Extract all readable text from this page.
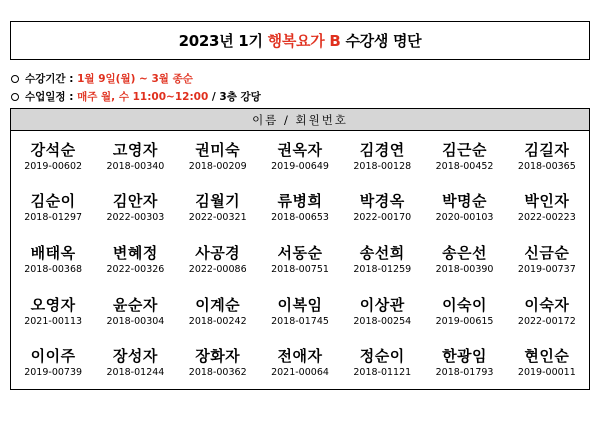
2023년 1기 행복요가 B 수강생 명단
수강기간 : 1월 9일(월) ~ 3월 종순
수업일정 : 매주 월, 수 11:00~12:00 / 3층 강당
이름 / 회원번호
강석순
2019-00602
고영자
2018-00340
권미숙
2018-00209
권옥자
2019-00649
김경연
2018-00128
김근순
2018-00452
김길자
2018-00365
김순이
2018-01297
김안자
2022-00303
김월기
2022-00321
류병희
2018-00653
박경옥
2022-00170
박명순
2020-00103
박인자
2022-00223
배태옥
2018-00368
변혜정
2022-00326
사공경
2022-00086
서동순
2018-00751
송선희
2018-01259
송은선
2018-00390
신금순
2019-00737
오영자
2021-00113
윤순자
2018-00304
이계순
2018-00242
이복임
2018-01745
이상관
2018-00254
이숙이
2019-00615
이숙자
2022-00172
이이주
2019-00739
장성자
2018-01244
장화자
2018-00362
전애자
2021-00064
정순이
2018-01121
한광임
2018-01793
현인순
2019-00011
